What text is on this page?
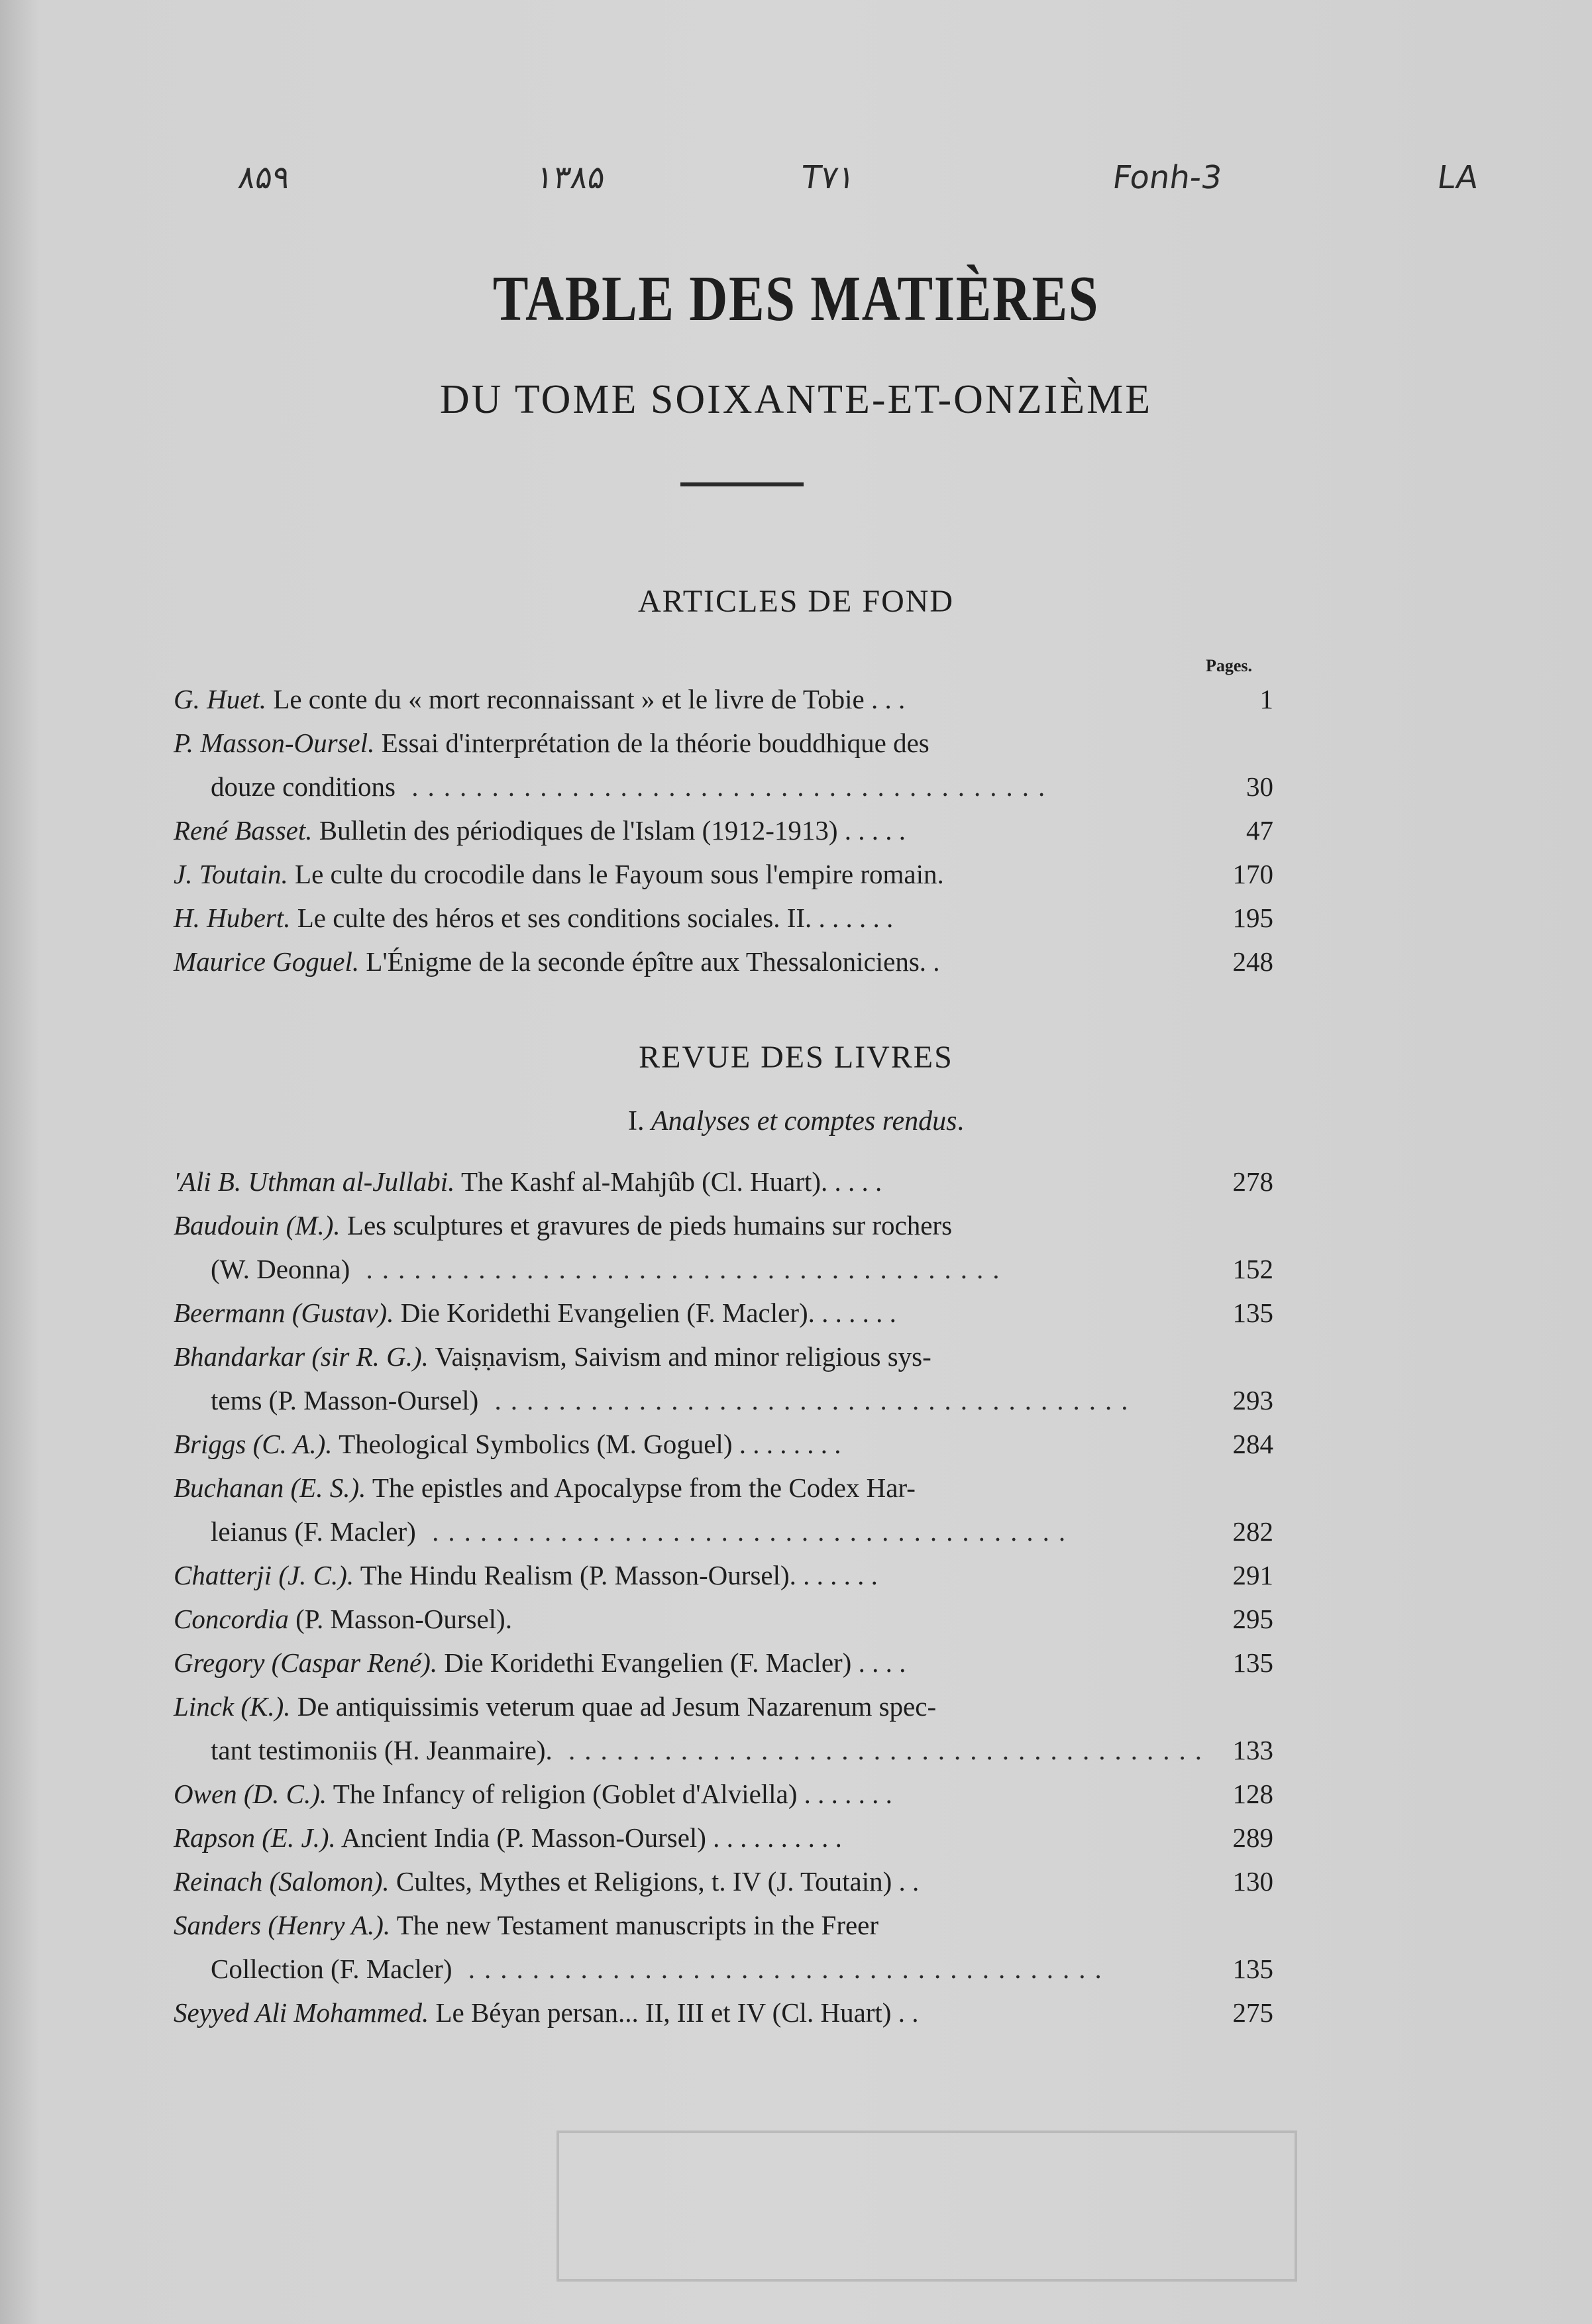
۸۵۹	۱۳۸۵	T۷۱	Fonh-3	LA
TABLE DES MATIÈRES
DU TOME SOIXANTE-ET-ONZIÈME
ARTICLES DE FOND
Pages.
G. Huet. Le conte du « mort reconnaissant » et le livre de Tobie . . .	1
P. Masson-Oursel. Essai d'interprétation de la théorie bouddhique des
douze conditions ........................................	30
René Basset. Bulletin des périodiques de l'Islam (1912-1913) . . . . .	47
J. Toutain. Le culte du crocodile dans le Fayoum sous l'empire romain.	170
H. Hubert. Le culte des héros et ses conditions sociales. II. . . . . . .	195
Maurice Goguel. L'Énigme de la seconde épître aux Thessaloniciens. .	248
REVUE DES LIVRES
I. Analyses et comptes rendus.
'Ali B. Uthman al-Jullabi. The Kashf al-Mahjûb (Cl. Huart). . . . .	278
Baudouin (M.). Les sculptures et gravures de pieds humains sur rochers
(W. Deonna) ........................................	152
Beermann (Gustav). Die Koridethi Evangelien (F. Macler). . . . . . .	135
Bhandarkar (sir R. G.). Vaiṣṇavism, Saivism and minor religious sys-
tems (P. Masson-Oursel) ........................................	293
Briggs (C. A.). Theological Symbolics (M. Goguel) . . . . . . . .	284
Buchanan (E. S.). The epistles and Apocalypse from the Codex Har-
leianus (F. Macler) ........................................	282
Chatterji (J. C.). The Hindu Realism (P. Masson-Oursel). . . . . . .	291
Concordia (P. Masson-Oursel).	295
Gregory (Caspar René). Die Koridethi Evangelien (F. Macler) . . . .	135
Linck (K.). De antiquissimis veterum quae ad Jesum Nazarenum spec-
tant testimoniis (H. Jeanmaire). ........................................ 133
Owen (D. C.). The Infancy of religion (Goblet d'Alviella) . . . . . . .	128
Rapson (E. J.). Ancient India (P. Masson-Oursel) . . . . . . . . . .	289
Reinach (Salomon). Cultes, Mythes et Religions, t. IV (J. Toutain) . .	130
Sanders (Henry A.). The new Testament manuscripts in the Freer
Collection (F. Macler) ........................................	135
Seyyed Ali Mohammed. Le Béyan persan... II, III et IV (Cl. Huart) . .	275
